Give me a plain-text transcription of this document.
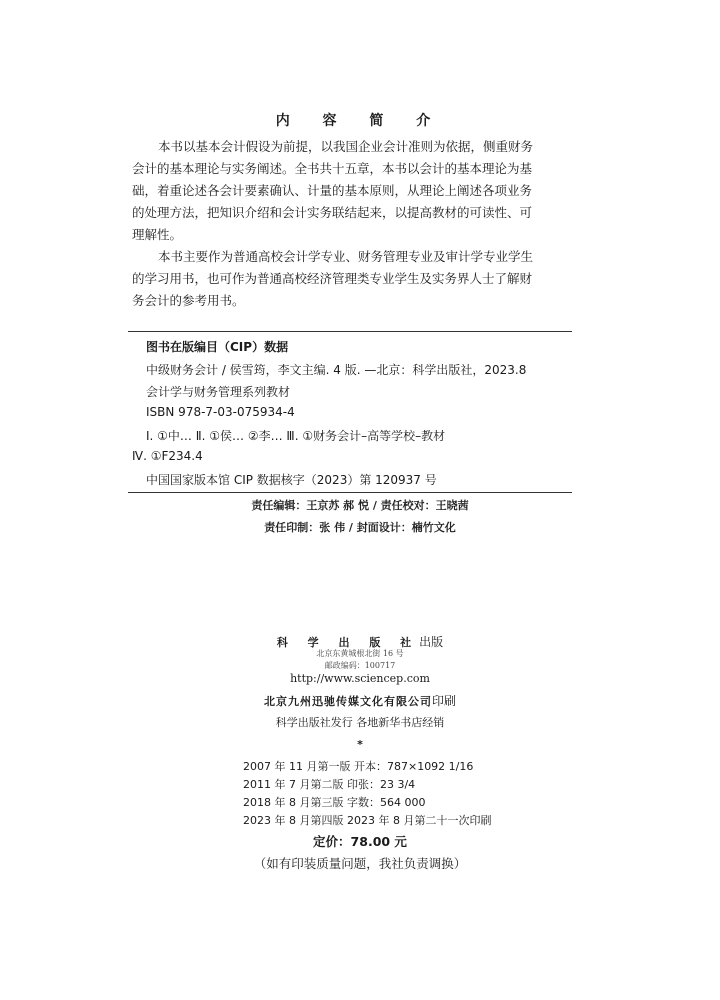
内 容 简 介
本书以基本会计假设为前提，以我国企业会计准则为依据，侧重财务
会计的基本理论与实务阐述。全书共十五章，本书以会计的基本理论为基
础，着重论述各会计要素确认、计量的基本原则，从理论上阐述各项业务
的处理方法，把知识介绍和会计实务联结起来，以提高教材的可读性、可
理解性。
本书主要作为普通高校会计学专业、财务管理专业及审计学专业学生
的学习用书，也可作为普通高校经济管理类专业学生及实务界人士了解财
务会计的参考用书。
图书在版编目（CIP）数据
中级财务会计 / 侯雪筠，李文主编. 4 版. —北京：科学出版社，2023.8
会计学与财务管理系列教材
ISBN 978-7-03-075934-4
Ⅰ. ①中… Ⅱ. ①侯… ②李… Ⅲ. ①财务会计–高等学校–教材
Ⅳ. ①F234.4
中国国家版本馆 CIP 数据核字（2023）第 120937 号
责任编辑：王京苏 郝 悦 / 责任校对：王晓茜
责任印制：张 伟 / 封面设计：楠竹文化
科 学 出 版 社出版
北京东黄城根北街 16 号
邮政编码：100717
http://www.sciencep.com
北京九州迅驰传媒文化有限公司印刷
科学出版社发行 各地新华书店经销
*
2007 年 11 月第一版 开本：787×1092 1/16
2011 年 7 月第二版 印张：23 3/4
2018 年 8 月第三版 字数：564 000
2023 年 8 月第四版 2023 年 8 月第二十一次印刷
定价：78.00 元
（如有印装质量问题，我社负责调换）
